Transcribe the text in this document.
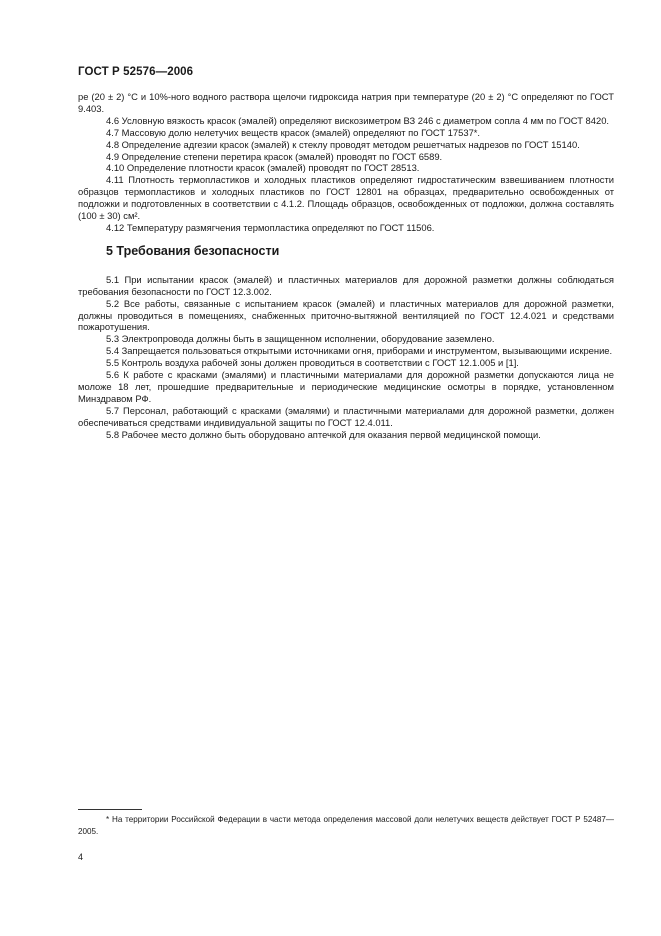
ГОСТ Р 52576—2006

ре (20 ± 2) °С и 10%-ного водного раствора щелочи гидроксида натрия при температуре (20 ± 2) °С определяют по ГОСТ 9.403.

4.6 Условную вязкость красок (эмалей) определяют вискозиметром ВЗ 246 с диаметром сопла 4 мм по ГОСТ 8420.

4.7 Массовую долю нелетучих веществ красок (эмалей) определяют по ГОСТ 17537*.

4.8 Определение адгезии красок (эмалей) к стеклу проводят методом решетчатых надрезов по ГОСТ 15140.

4.9 Определение степени перетира красок (эмалей) проводят по ГОСТ 6589.

4.10 Определение плотности красок (эмалей) проводят по ГОСТ 28513.

4.11 Плотность термопластиков и холодных пластиков определяют гидростатическим взвешиванием плотности образцов термопластиков и холодных пластиков по ГОСТ 12801 на образцах, предварительно освобожденных от подложки и подготовленных в соответствии с 4.1.2. Площадь образцов, освобожденных от подложки, должна составлять (100 ± 30) см².

4.12 Температуру размягчения термопластика определяют по ГОСТ 11506.

5 Требования безопасности

5.1 При испытании красок (эмалей) и пластичных материалов для дорожной разметки должны соблюдаться требования безопасности по ГОСТ 12.3.002.

5.2 Все работы, связанные с испытанием красок (эмалей) и пластичных материалов для дорожной разметки, должны проводиться в помещениях, снабженных приточно-вытяжной вентиляцией по ГОСТ 12.4.021 и средствами пожаротушения.

5.3 Электропровода должны быть в защищенном исполнении, оборудование заземлено.

5.4 Запрещается пользоваться открытыми источниками огня, приборами и инструментом, вызывающими искрение.

5.5 Контроль воздуха рабочей зоны должен проводиться в соответствии с ГОСТ 12.1.005 и [1].

5.6 К работе с красками (эмалями) и пластичными материалами для дорожной разметки допускаются лица не моложе 18 лет, прошедшие предварительные и периодические медицинские осмотры в порядке, установленном Минздравом РФ.

5.7 Персонал, работающий с красками (эмалями) и пластичными материалами для дорожной разметки, должен обеспечиваться средствами индивидуальной защиты по ГОСТ 12.4.011.

5.8 Рабочее место должно быть оборудовано аптечкой для оказания первой медицинской помощи.

* На территории Российской Федерации в части метода определения массовой доли нелетучих веществ действует ГОСТ Р 52487—2005.

4
